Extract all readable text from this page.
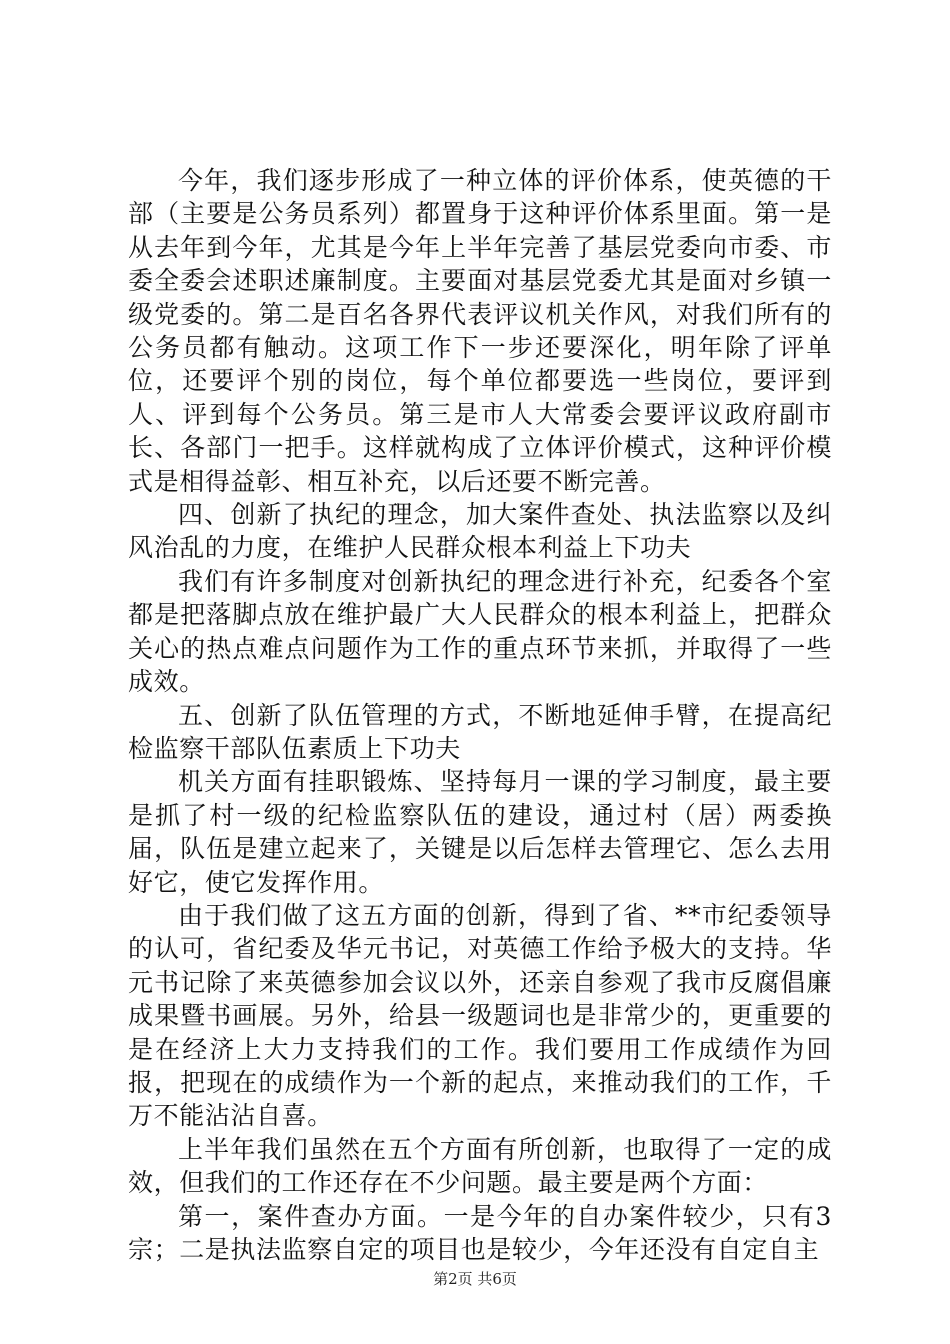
今年，我们逐步形成了一种立体的评价体系，使英德的干部（主要是公务员系列）都置身于这种评价体系里面。第一是从去年到今年，尤其是今年上半年完善了基层党委向市委、市委全委会述职述廉制度。主要面对基层党委尤其是面对乡镇一级党委的。第二是百名各界代表评议机关作风，对我们所有的公务员都有触动。这项工作下一步还要深化，明年除了评单位，还要评个别的岗位，每个单位都要选一些岗位，要评到人、评到每个公务员。第三是市人大常委会要评议政府副市长、各部门一把手。这样就构成了立体评价模式，这种评价模式是相得益彰、相互补充，以后还要不断完善。

四、创新了执纪的理念，加大案件查处、执法监察以及纠风治乱的力度，在维护人民群众根本利益上下功夫

我们有许多制度对创新执纪的理念进行补充，纪委各个室都是把落脚点放在维护最广大人民群众的根本利益上，把群众关心的热点难点问题作为工作的重点环节来抓，并取得了一些成效。

五、创新了队伍管理的方式，不断地延伸手臂，在提高纪检监察干部队伍素质上下功夫

机关方面有挂职锻炼、坚持每月一课的学习制度，最主要是抓了村一级的纪检监察队伍的建设，通过村（居）两委换届，队伍是建立起来了，关键是以后怎样去管理它、怎么去用好它，使它发挥作用。

由于我们做了这五方面的创新，得到了省、**市纪委领导的认可，省纪委及华元书记，对英德工作给予极大的支持。华元书记除了来英德参加会议以外，还亲自参观了我市反腐倡廉成果暨书画展。另外，给县一级题词也是非常少的，更重要的是在经济上大力支持我们的工作。我们要用工作成绩作为回报，把现在的成绩作为一个新的起点，来推动我们的工作，千万不能沾沾自喜。

上半年我们虽然在五个方面有所创新，也取得了一定的成效，但我们的工作还存在不少问题。最主要是两个方面：

第一，案件查办方面。一是今年的自办案件较少，只有3宗；二是执法监察自定的项目也是较少，今年还没有自定自主

第2页 共6页
